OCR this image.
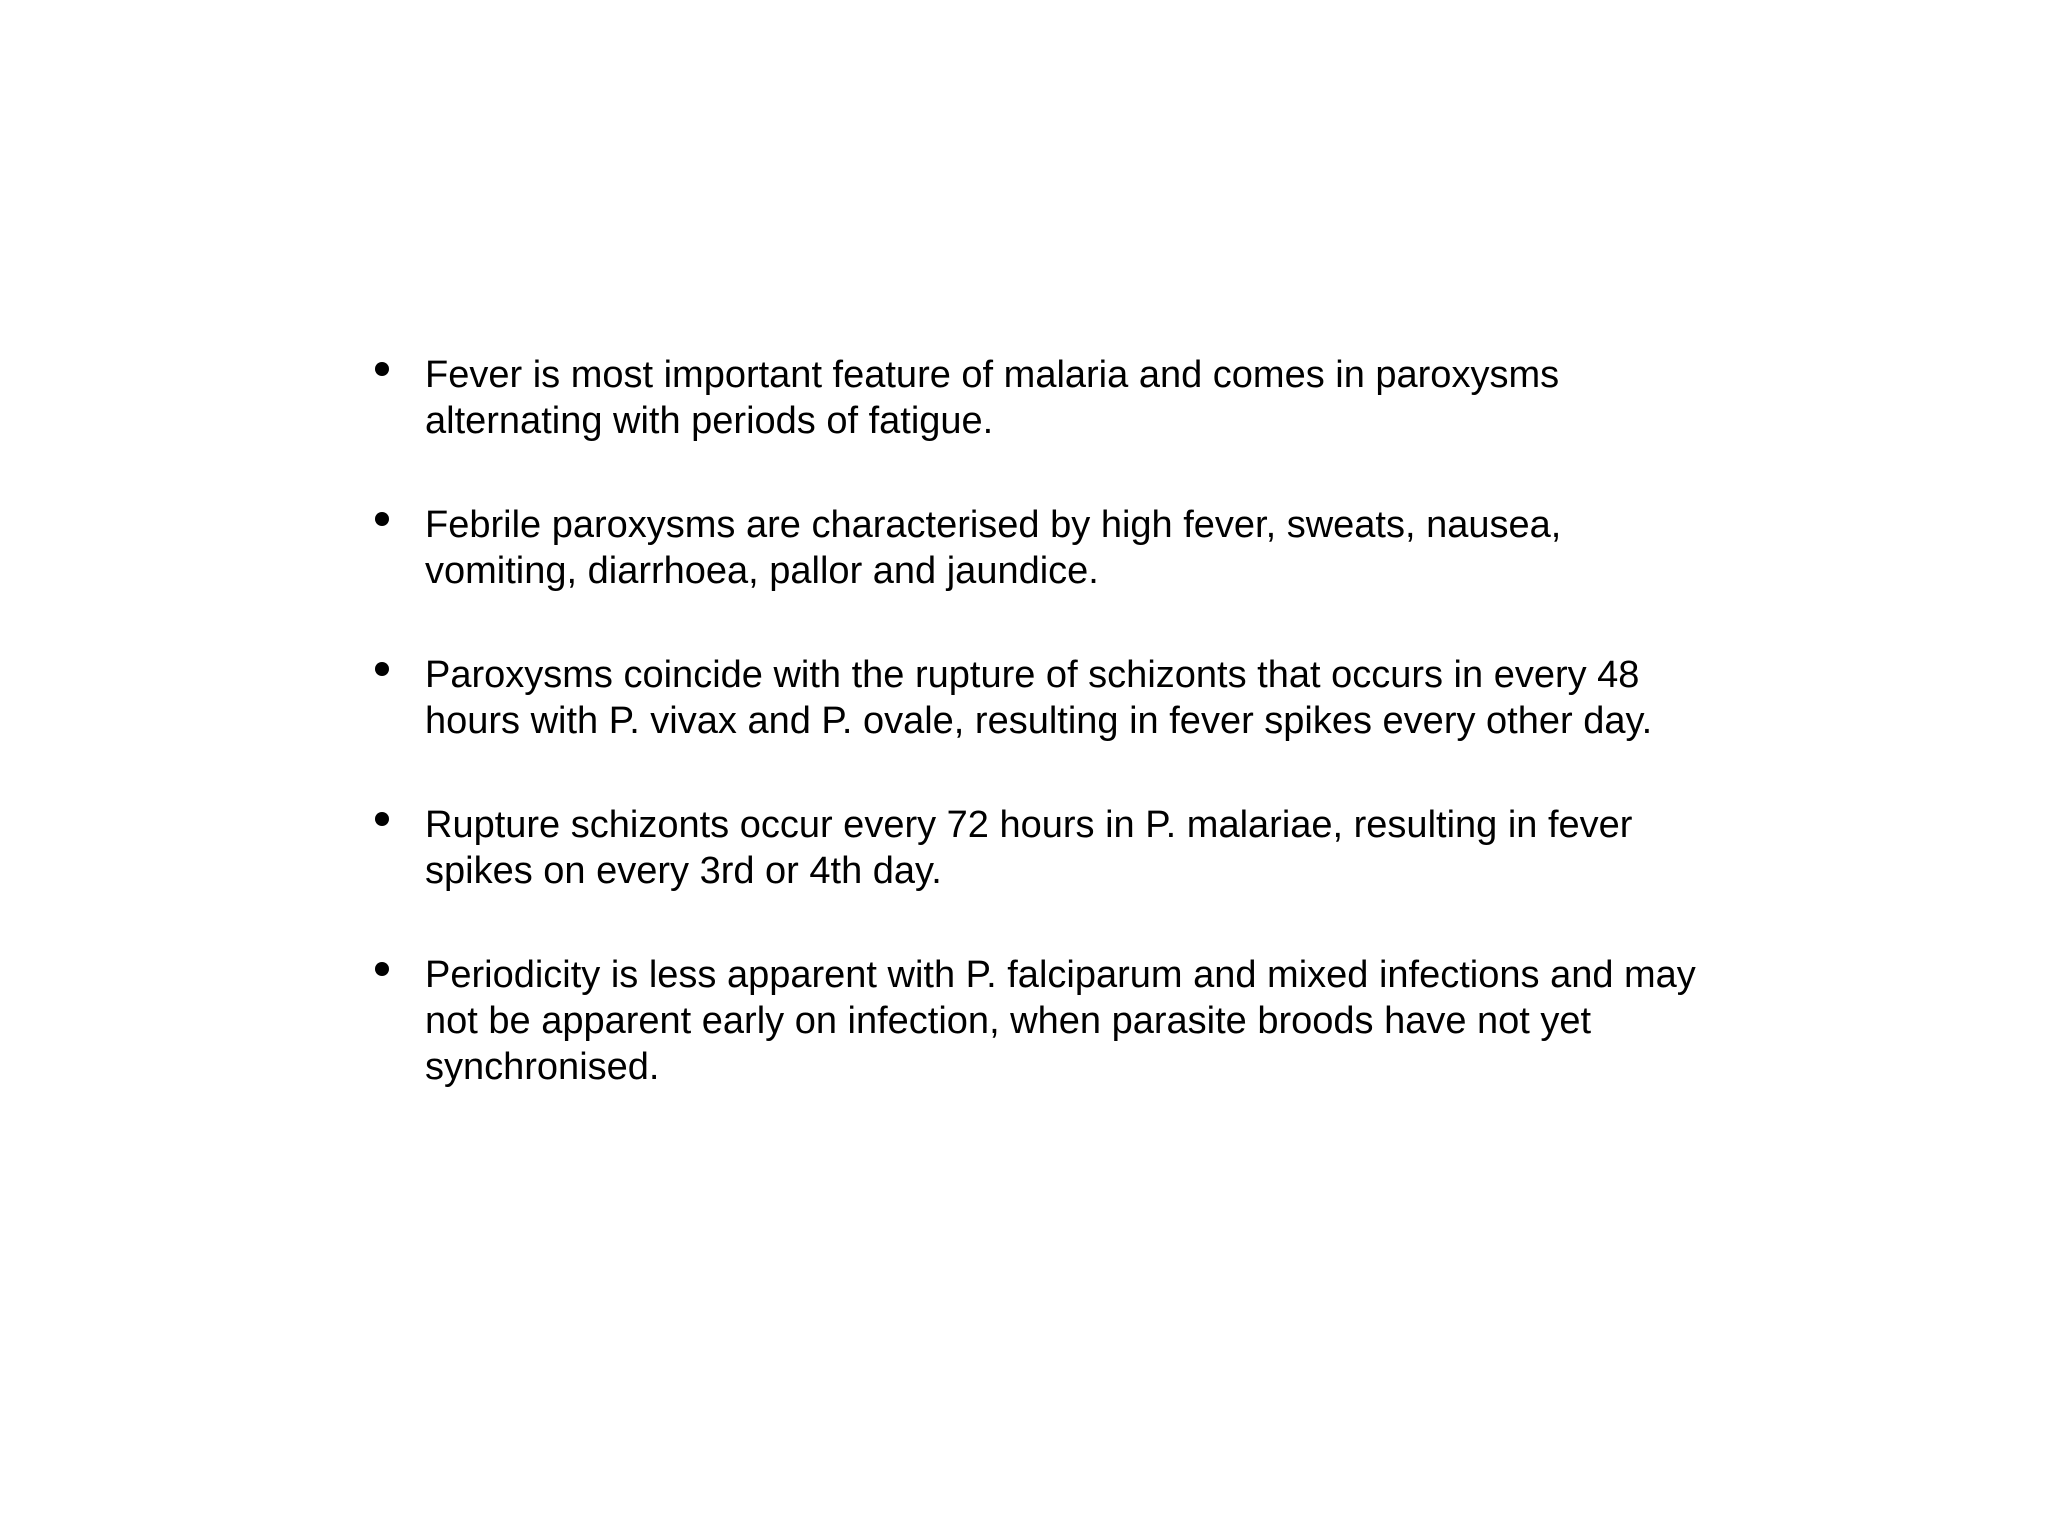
Fever is most important feature of malaria and comes in paroxysms alternating with periods of fatigue.
Febrile paroxysms are characterised by high fever, sweats, nausea, vomiting, diarrhoea, pallor and jaundice.
Paroxysms coincide with the rupture of schizonts that occurs in every 48 hours with P. vivax and P. ovale, resulting in fever spikes every other day.
Rupture schizonts occur every 72 hours in P. malariae, resulting in fever spikes on every 3rd or 4th day.
Periodicity is less apparent with P. falciparum and mixed infections and may not be apparent early on infection, when parasite broods have not yet synchronised.
